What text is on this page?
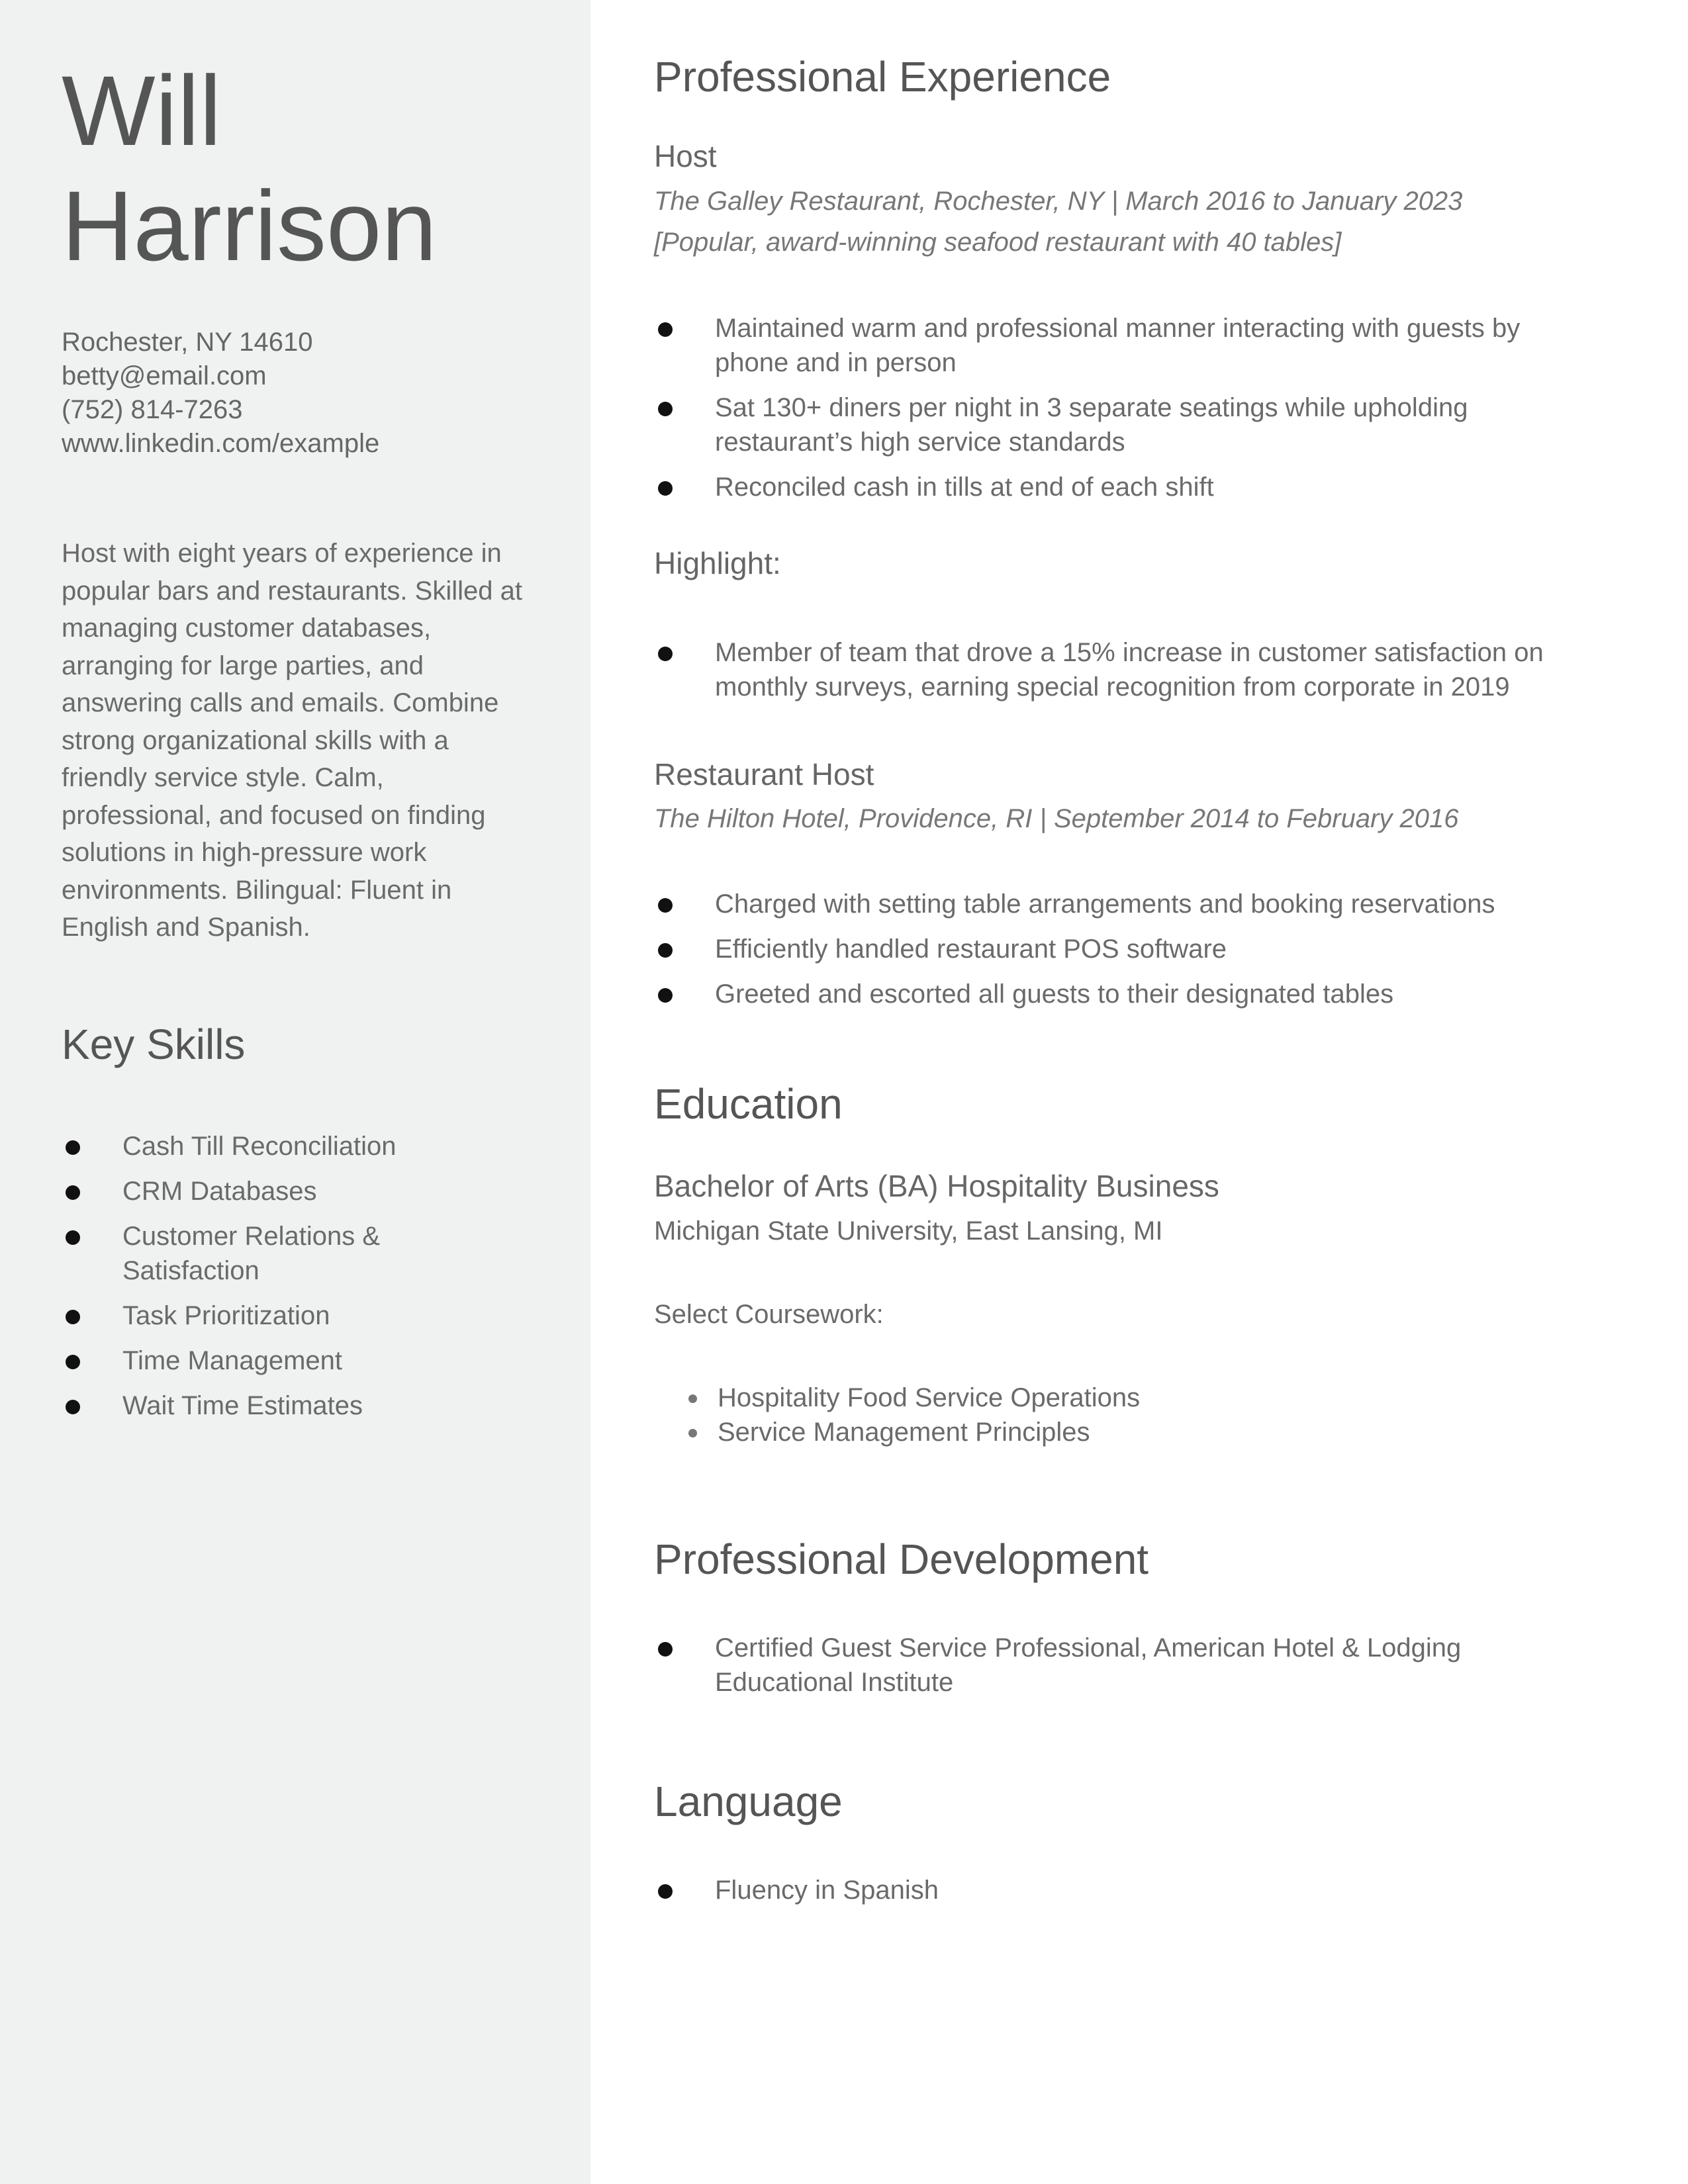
Will
Harrison
Rochester, NY 14610
betty@email.com
(752) 814-7263
www.linkedin.com/example

Host with eight years of experience in popular bars and restaurants. Skilled at managing customer databases, arranging for large parties, and answering calls and emails. Combine strong organizational skills with a friendly service style. Calm, professional, and focused on finding solutions in high-pressure work environments. Bilingual: Fluent in English and Spanish.

Key Skills
Cash Till Reconciliation
CRM Databases
Customer Relations & Satisfaction
Task Prioritization
Time Management
Wait Time Estimates
Professional Experience
Host
The Galley Restaurant, Rochester, NY | March 2016 to January 2023
[Popular, award-winning seafood restaurant with 40 tables]
Maintained warm and professional manner interacting with guests by phone and in person
Sat 130+ diners per night in 3 separate seatings while upholding restaurant’s high service standards
Reconciled cash in tills at end of each shift
Highlight:
Member of team that drove a 15% increase in customer satisfaction on monthly surveys, earning special recognition from corporate in 2019
Restaurant Host
The Hilton Hotel, Providence, RI | September 2014 to February 2016
Charged with setting table arrangements and booking reservations
Efficiently handled restaurant POS software
Greeted and escorted all guests to their designated tables
Education
Bachelor of Arts (BA) Hospitality Business
Michigan State University, East Lansing, MI
Select Coursework:
Hospitality Food Service Operations
Service Management Principles
Professional Development
Certified Guest Service Professional, American Hotel & Lodging Educational Institute
Language
Fluency in Spanish
